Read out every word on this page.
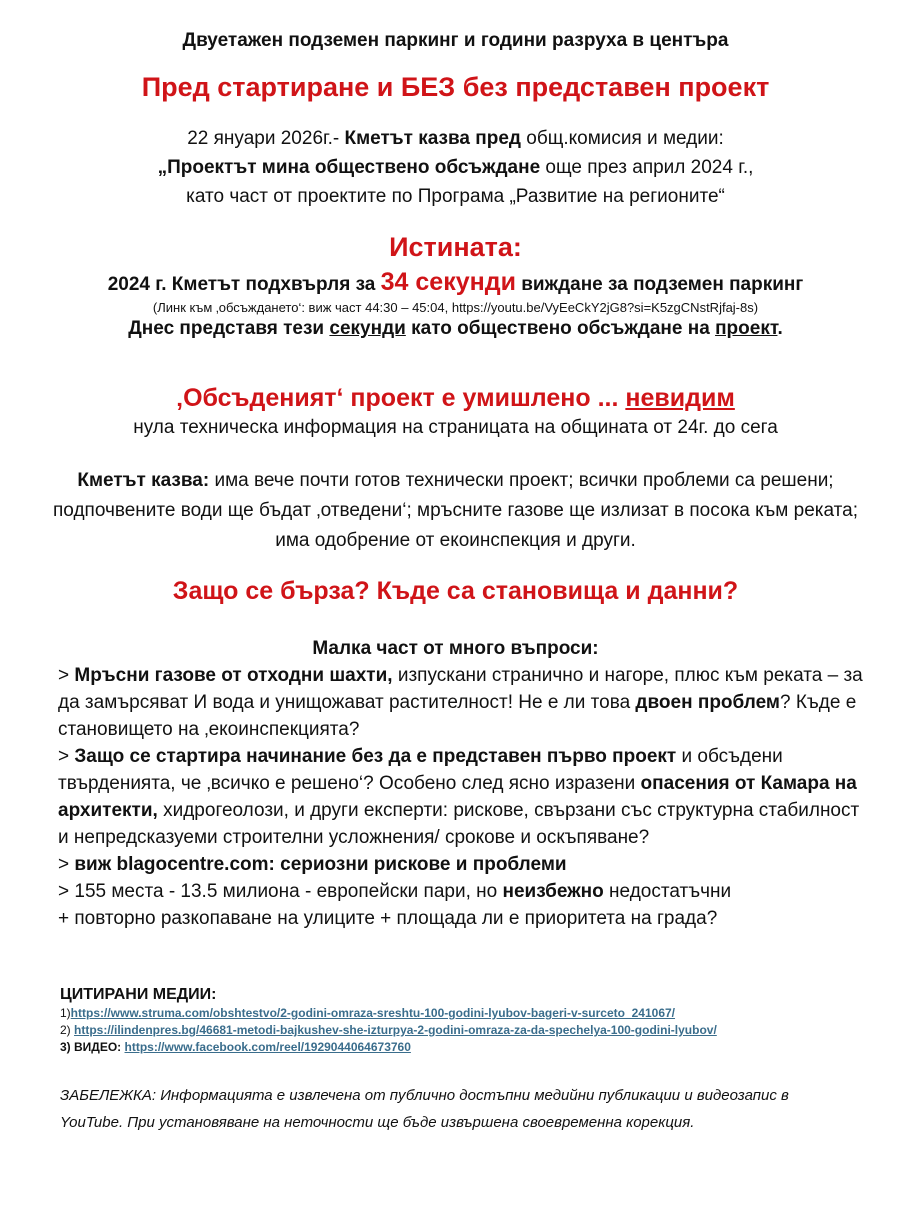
Двуетажен подземен паркинг и години разруха в центъра
Пред стартиране и БЕЗ без представен проект
22 януари 2026г.- Кметът казва пред общ.комисия и медии:
„Проектът мина обществено обсъждане още през април 2024 г.,
като част от проектите по Програма „Развитие на регионите“
Истината:
2024 г. Кметът подхвърля за 34 секунди виждане за подземен паркинг
(Линк към ‚обсъждането‘: виж част 44:30 – 45:04, https://youtu.be/VyEeCkY2jG8?si=K5zgCNstRjfaj-8s)
Днес представя тези секунди като обществено обсъждане на проект.
‚Обсъденият‘ проект е умишлено ... невидим
нула техническа информация на страницата на общината от 24г. до сега
Кметът казва: има вече почти готов технически проект; всички проблеми са решени; подпочвените води ще бъдат ‚отведени‘; мръсните газове ще излизат в посока към реката; има одобрение от екоинспекция и други.
Защо се бърза? Къде са становища и данни?
Малка част от много въпроси:

> Мръсни газове от отходни шахти, изпускани странично и нагоре, плюс към реката – за да замърсяват И вода и унищожават растителност! Не е ли това двоен проблем? Къде е становището на ‚екоинспекцията?

> Защо се стартира начинание без да е представен първо проект и обсъдени твърденията, че ‚всичко е решено‘? Особено след ясно изразени опасения от Камара на архитекти, хидрогеолози, и други експерти: рискове, свързани със структурна стабилност и непредсказуеми строителни усложнения/ срокове и оскъпяване?

> виж blagocentre.com: сериозни рискове и проблеми

> 155 места - 13.5 милиона - европейски пари, но неизбежно недостатъчни

+ повторно разкопаване на улиците + площада ли е приоритета на града?

ЦИТИРАНИ МЕДИИ:
1)https://www.struma.com/obshtestvo/2-godini-omraza-sreshtu-100-godini-lyubov-bageri-v-surceto_241067/
2) https://ilindenpres.bg/46681-metodi-bajkushev-she-izturpya-2-godini-omraza-za-da-spechelya-100-godini-lyubov/
3) ВИДЕО: https://www.facebook.com/reel/1929044064673760
ЗАБЕЛЕЖКА: Информацията е извлечена от публично достъпни медийни публикации и видеозапис в YouTube. При установяване на неточности ще бъде извършена своевременна корекция.
